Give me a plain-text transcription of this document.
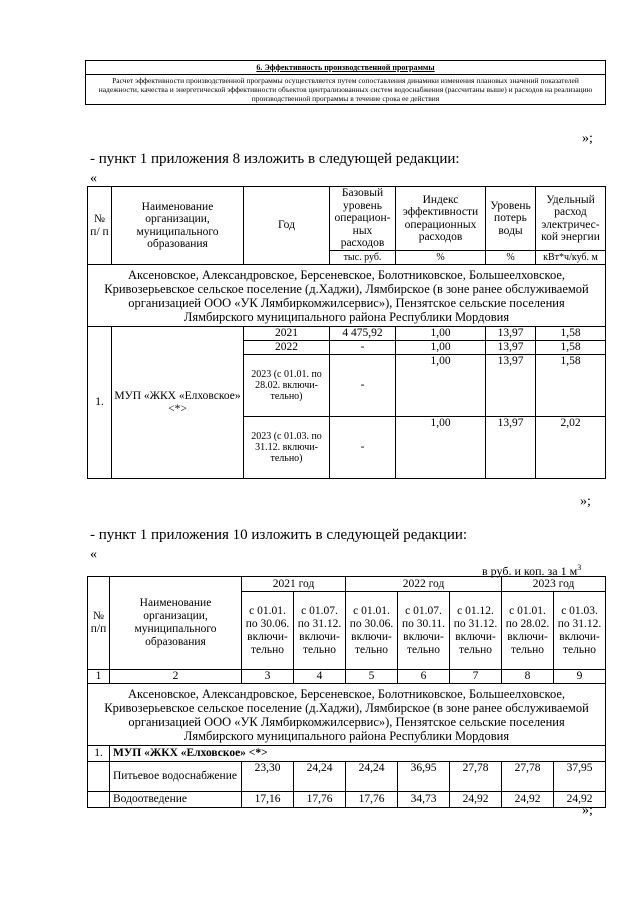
6. Эффективность производственной программы
Расчет эффективности производственной программы осуществляется путем сопоставления динамики изменения плановых значений показателей надежности, качества и энергетической эффективности объектов централизованных систем водоснабжения (рассчитаны выше) и расходов на реализацию производственной программы в течение срока ее действия
»;
- пункт 1 приложения 8 изложить в следующей редакции:
«
№ п/ п	Наименование организации, муниципального образования	Год	Базовый уровень операцион- ных расходов	Индекс эффективности операционных расходов	Уровень потерь воды	Удельный расход электричес- кой энергии
			тыс. руб.	%	%	кВт*ч/куб. м
Аксеновское, Александровское, Берсеневское, Болотниковское, Большеелховское, Кривозерьевское сельское поселение (д.Хаджи), Лямбирское (в зоне ранее обслуживаемой организацией ООО «УК Лямбиркомжилсервис»), Пензятское сельские поселения Лямбирского муниципального района Республики Мордовия						
1.	МУП «ЖКХ «Елховское» <*>	2021	4 475,92	1,00	13,97	1,58
		2022	-	1,00	13,97	1,58
		2023 (с 01.01. по 28.02. включи- тельно)	-	1,00	13,97	1,58
		2023 (с 01.03. по 31.12. включи- тельно)	-	1,00	13,97	2,02
»;
- пункт 1 приложения 10 изложить в следующей редакции:
«
в руб. и коп. за 1 $м^3$
№ п/п	Наименование организации, муниципального образования	2021 год		2022 год			2023 год	
		с 01.01. по 30.06. включи- тельно	с 01.07. по 31.12. включи- тельно	с 01.01. по 30.06. включи- тельно	с 01.07. по 30.11. включи- тельно	с 01.12. по 31.12. включи- тельно	с 01.01. по 28.02. включи- тельно	с 01.03. по 31.12. включи- тельно
1	2	3	4	5	6	7	8	9
Аксеновское, Александровское, Берсеневское, Болотниковское, Большеелховское, Кривозерьевское сельское поселение (д.Хаджи), Лямбирское (в зоне ранее обслуживаемой организацией ООО «УК Лямбиркомжилсервис»), Пензятское сельские поселения Лямбирского муниципального района Республики Мордовия								
1.	МУП «ЖКХ «Елховское» <*>							
	Питьевое водоснабжение	23,30	24,24	24,24	36,95	27,78	27,78	37,95
	Водоотведение	17,16	17,76	17,76	34,73	24,92	24,92	24,92
»;
